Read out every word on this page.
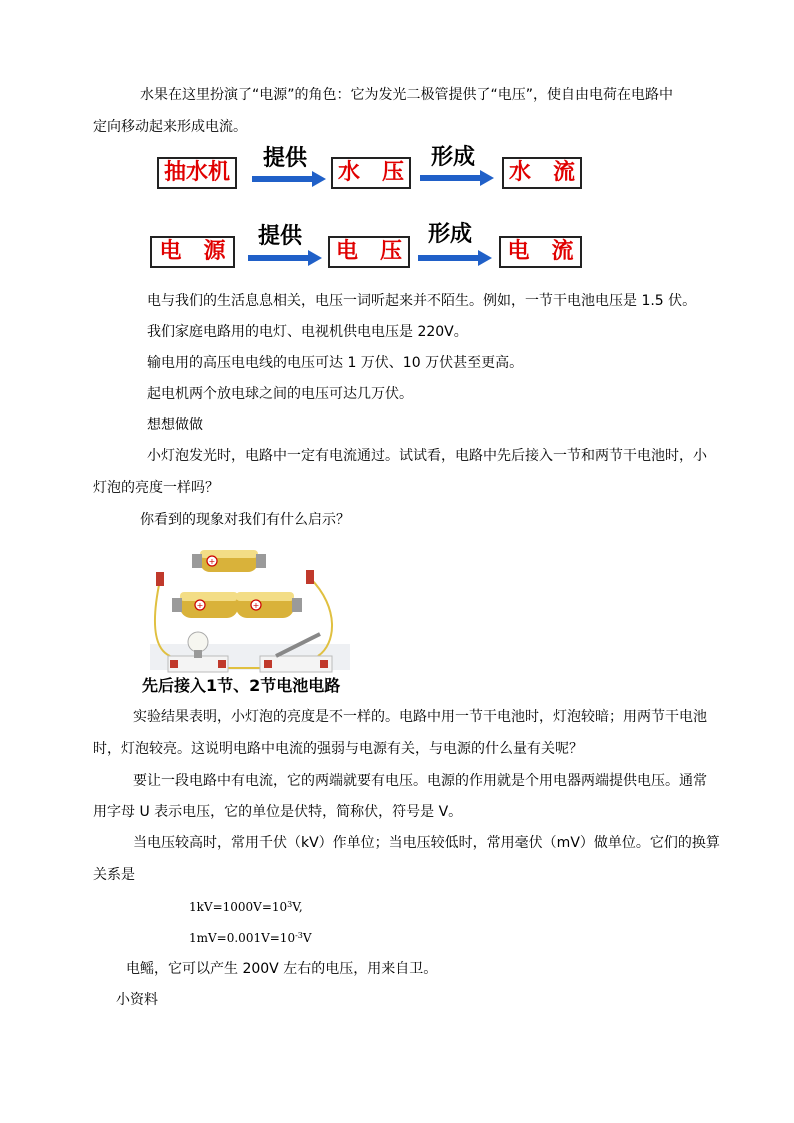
水果在这里扮演了“电源”的角色：它为发光二极管提供了“电压”，使自由电荷在电路中
定向移动起来形成电流。
抽水机
提供
水　压
形成
水　流
电　源
提供
电　压
形成
电　流
电与我们的生活息息相关，电压一词听起来并不陌生。例如，一节干电池电压是 1.5 伏。
我们家庭电路用的电灯、电视机供电电压是 220V。
输电用的高压电电线的电压可达 1 万伏、10 万伏甚至更高。
起电机两个放电球之间的电压可达几万伏。
想想做做
小灯泡发光时，电路中一定有电流通过。试试看，电路中先后接入一节和两节干电池时，小
灯泡的亮度一样吗？
你看到的现象对我们有什么启示？
+
+	+
先后接入1节、2节电池电路
实验结果表明，小灯泡的亮度是不一样的。电路中用一节干电池时，灯泡较暗；用两节干电池
时，灯泡较亮。这说明电路中电流的强弱与电源有关，与电源的什么量有关呢？
要让一段电路中有电流，它的两端就要有电压。电源的作用就是个用电器两端提供电压。通常
用字母 U 表示电压，它的单位是伏特，简称伏，符号是 V。
当电压较高时，常用千伏（kV）作单位；当电压较低时，常用毫伏（mV）做单位。它们的换算
关系是
$1kV=1000V=10^3V$,
$1mV=0.001V=10^{-3}V$
电鳐，它可以产生 200V 左右的电压，用来自卫。
小资料
